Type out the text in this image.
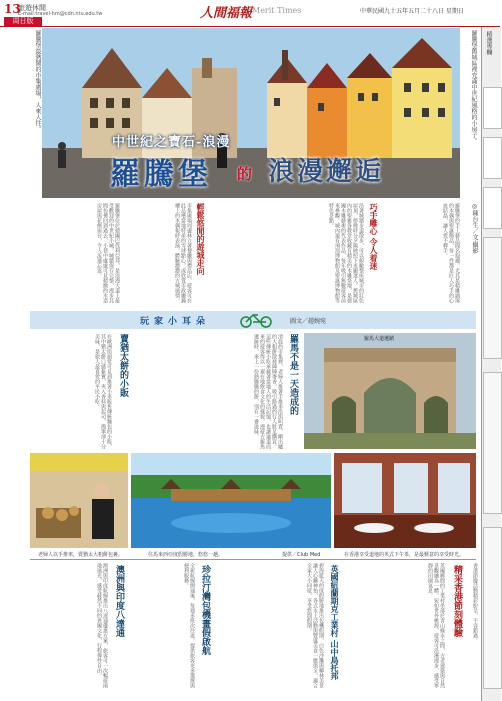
13
旅遊休閒
E-mail:travel-hm@cdn.ntu.edu.tw
周日版	人間福報 Merit Times	中華民國九十五年五月二十八日 星期日
精選專欄
羅騰堡最熱鬧的市集廣場，人來人往。	羅騰堡舊城區裡充滿中世紀風格的小房子。
中世紀之寶石-浪漫
羅騰堡 的 浪漫邂逅
羅騰堡位於德國巴伐利亞邦，是浪漫大道上最受歡迎的中世紀小城，城牆保存完整，漫步其間彷彿回到過去，小巷中處處可見精緻的木造房屋與花飾窗台，令人流連忘返。	市集廣場周邊林立著餐廳與禮品店，遊客可在此品嚐當地特產的雪球點心，或欣賞市政廳鐘樓上的木偶報時表演，體驗濃濃的古城風情。	輕鬆悠閒的遊城走向	沿著城牆步道散步，可以俯瞰整座城市的紅色屋頂，傍晚時分夕陽映照下更顯迷人。舊城區內的聖雅各教堂收藏有精美的木雕祭壇，是德國木雕藝術的代表作品，每年吸引無數遊客前來參觀。城內還有刑罰博物館及聖誕博物館等特色景點。	巧手雕心 令人着迷	羅騰堡的手工藝品聞名遐邇，尤其是精雕細琢的木偶與聖誕飾品，每一件都是匠人巧手的心血結晶，讓人愛不釋手。	◎陳台生／文‧攝影
玩家小耳朵	圖文／趙婉宛
在歐洲街頭常可見到推著小車販售傳統麵包的小販，其中猶太餅口感紮實，夾入香料與起司，簡單卻十分美味，是旅人最喜愛的平民小吃。	賣猶太餅的小販	清晨的市集裡，老婦人推著手推車沿街叫賣，剛出爐的大粗餅散發陣陣麥香，吸引路過的行人駐足購買。這些傳統小吃承載著當地人的生活記憶，也讓遠道而來的遊客得以一窺在地飲食文化的樣貌。漫遊古羅馬遺跡時，來上一份熱騰騰的餅，別有一番滋味。	羅馬不是一天造成的	羅馬大道遺蹟
老婦人以手推車，賣猶太大粗餅包裹。	住馬來西亞度假勝地，悠悠一趟。	提供／Club Med	在香港享受道地的英式下午茶，是最愜意的享受時光。
澳洲與印度航線推出八達通優惠方案，旅客可一次暢遊兩地風光，感受截然不同的異國文化，行程彈性自由。	澳洲與印度八達通	全新航線開通後，每週多班次往返，提供旅客更多選擇與便利服務。	珍拉汀灣包機畫假啟航	碧海藍天的度假勝地推出包機假期，白色沙灘與椰林美景讓人心曠神怡，各式水上活動與豐盛美食一應俱全，適合全家大小同遊，享受悠閒假期。	英國紐蘭期克工業村 山中鳥托邦	英國鄉間的工業村坐落於青山綠水之間，古老建築與自然景觀融為一體，宛如世外桃源，遊客可沿溪漫步，感受寧靜的田園氣息。	精采香港節刻體驗	香港節慶活動精彩紛呈，不容錯過。
